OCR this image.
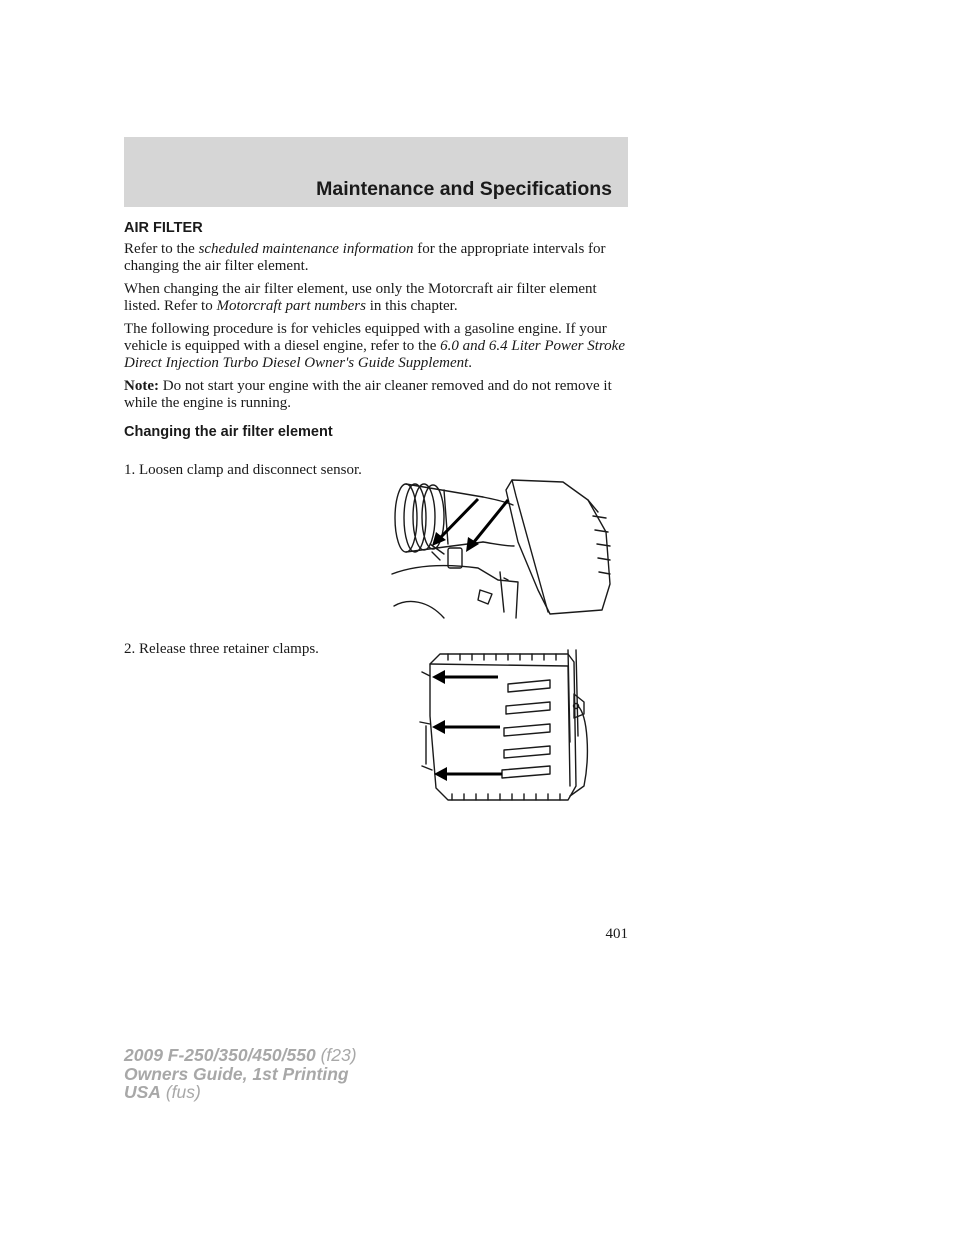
Maintenance and Specifications
AIR FILTER

Refer to the scheduled maintenance information for the appropriate intervals for changing the air filter element.

When changing the air filter element, use only the Motorcraft air filter element listed. Refer to Motorcraft part numbers in this chapter.

The following procedure is for vehicles equipped with a gasoline engine. If your vehicle is equipped with a diesel engine, refer to the 6.0 and 6.4 Liter Power Stroke Direct Injection Turbo Diesel Owner's Guide Supplement.

Note: Do not start your engine with the air cleaner removed and do not remove it while the engine is running.

Changing the air filter element
1. Loosen clamp and disconnect sensor.
2. Release three retainer clamps.
401
2009 F-250/350/450/550 (f23)
Owners Guide, 1st Printing
USA (fus)
